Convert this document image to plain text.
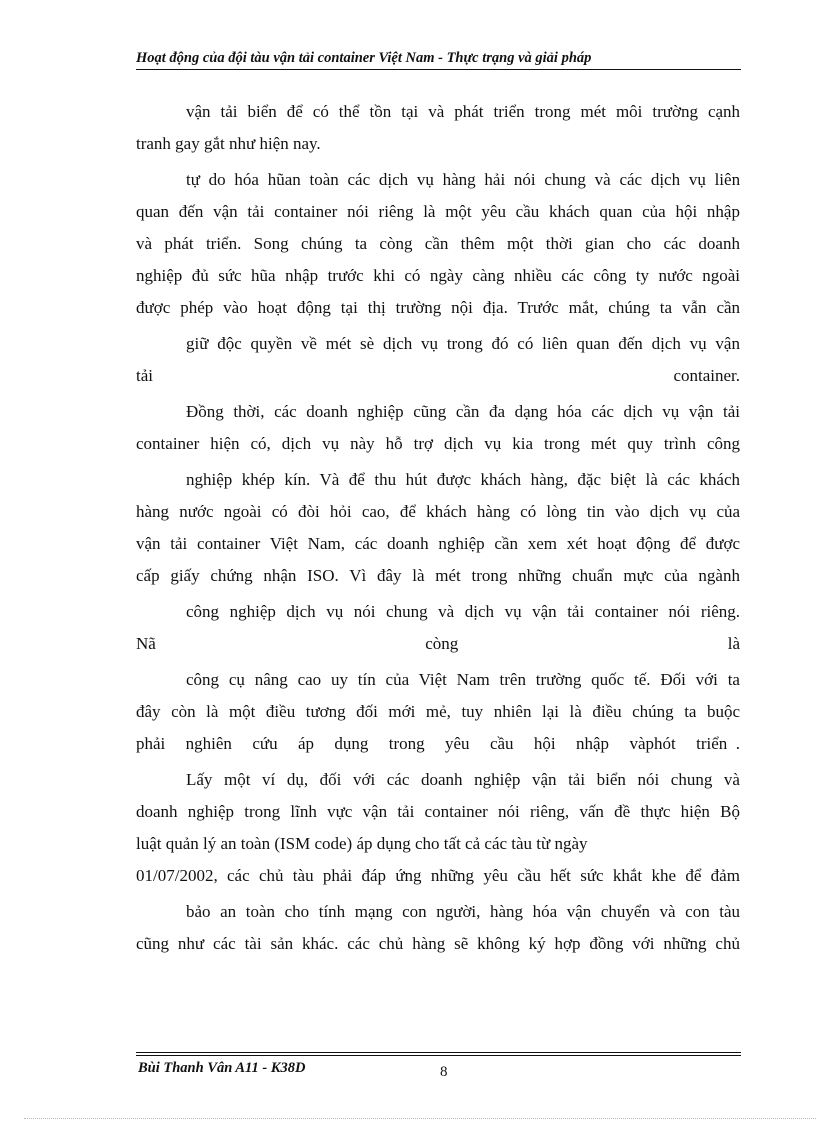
Hoạt động của đội tàu vận tải container Việt Nam - Thực trạng và giải pháp
vận tải biển để có thể tồn tại và phát triển trong mét môi trường cạnh
tranh gay gắt như hiện nay.
tự do hóa hũan toàn các dịch vụ hàng hải nói chung và các dịch vụ liên
quan đến vận tải container nói riêng là một yêu cầu khách quan của hội nhập
và phát triển. Song chúng ta còng cần thêm một thời gian cho các doanh
nghiệp đủ sức hũa nhập trước khi có ngày càng nhiều các công ty nước ngoài
được phép vào hoạt động tại thị trường nội địa. Trước mắt, chúng ta vẫn cần
giữ độc quyền về mét sè dịch vụ trong đó có liên quan đến dịch vụ vận
tải	container.
Đồng thời, các doanh nghiệp cũng cần đa dạng hóa các dịch vụ vận tải
container hiện có, dịch vụ này hỗ trợ dịch vụ kia trong mét quy trình công
nghiệp khép kín. Và để thu hút được khách hàng, đặc biệt là các khách
hàng nước ngoài có đòi hỏi cao, để khách hàng có lòng tin vào dịch vụ của
vận tải container Việt Nam, các doanh nghiệp cần xem xét hoạt động để được
cấp giấy chứng nhận ISO. Vì đây là mét trong những chuẩn mực của ngành
công nghiệp dịch vụ nói chung và dịch vụ vận tải container nói riêng.
Nã	còng	là
công cụ nâng cao uy tín của Việt Nam trên trường quốc tế. Đối với ta
đây còn là một điều tương đối mới mẻ, tuy nhiên lại là điều chúng ta buộc
phải nghiên cứu áp dụng trong yêu cầu hội nhập vàphót triển  .
Lấy một ví dụ, đối với các doanh nghiệp vận tải biển nói chung và
doanh nghiệp trong lĩnh vực vận tải container nói riêng, vấn đề thực hiện Bộ
luật quản lý an toàn (ISM code) áp dụng cho tất cả các tàu từ ngày
01/07/2002, các chủ tàu phải đáp ứng những yêu cầu hết sức khắt khe để đảm
bảo an toàn cho tính mạng con người, hàng hóa vận chuyển và con tàu
cũng như các tài sản khác. các chủ hàng sẽ không ký hợp đồng với những chủ
Bùi Thanh Vân A11 - K38D	8
